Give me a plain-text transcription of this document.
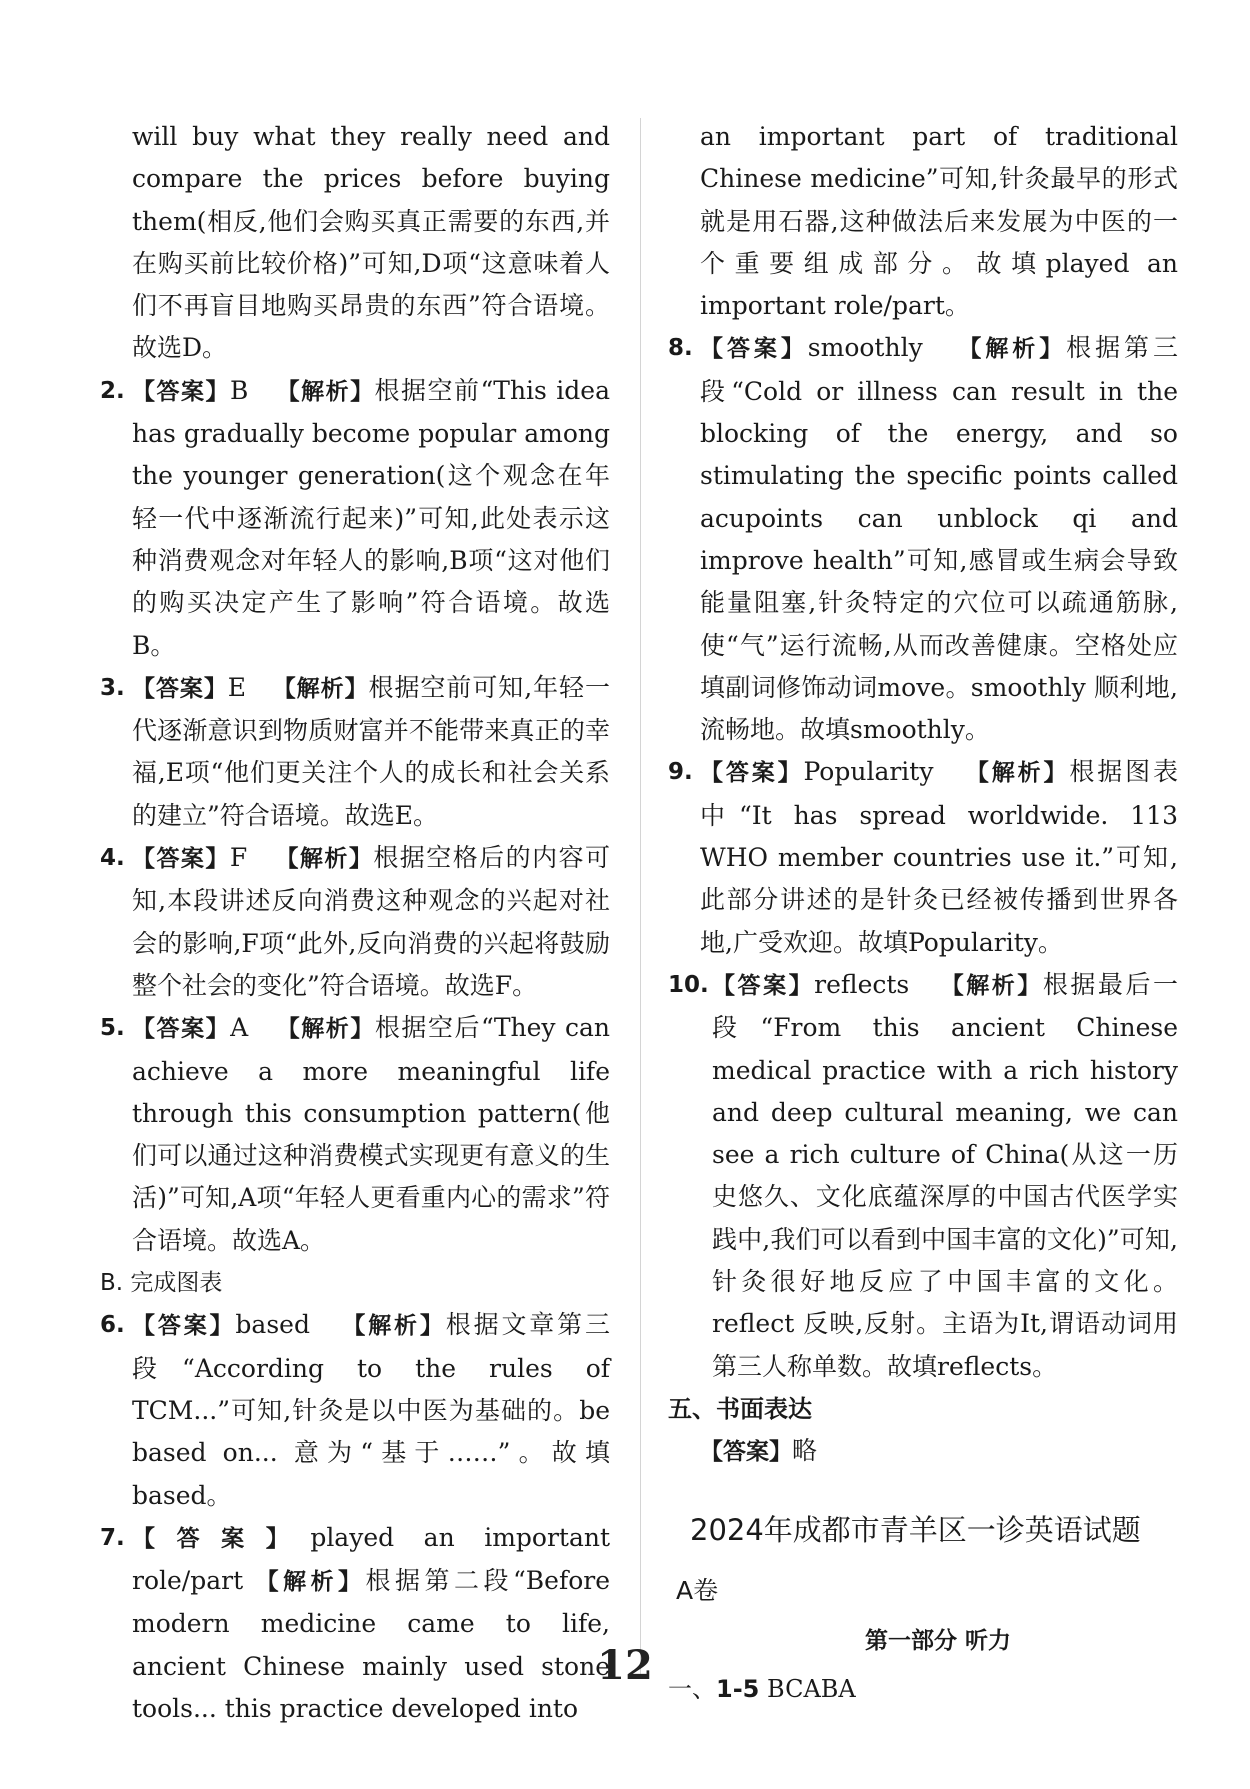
will buy what they really need and compare the prices before buying them(相反,他们会购买真正需要的东西,并在购买前比较价格)”可知,D项“这意味着人们不再盲目地购买昂贵的东西”符合语境。故选D。

2. 【答案】B 【解析】根据空前“This idea has gradually become popular among the younger generation(这个观念在年轻一代中逐渐流行起来)”可知,此处表示这种消费观念对年轻人的影响,B项“这对他们的购买决定产生了影响”符合语境。故选B。

3. 【答案】E 【解析】根据空前可知,年轻一代逐渐意识到物质财富并不能带来真正的幸福,E项“他们更关注个人的成长和社会关系的建立”符合语境。故选E。

4. 【答案】F 【解析】根据空格后的内容可知,本段讲述反向消费这种观念的兴起对社会的影响,F项“此外,反向消费的兴起将鼓励整个社会的变化”符合语境。故选F。

5. 【答案】A 【解析】根据空后“They can achieve a more meaningful life through this consumption pattern(他们可以通过这种消费模式实现更有意义的生活)”可知,A项“年轻人更看重内心的需求”符合语境。故选A。

B. 完成图表

6. 【答案】based 【解析】根据文章第三段“According to the rules of TCM...”可知,针灸是以中医为基础的。be based on... 意为“基于……”。故填based。

7. 【答案】played an important role/part 【解析】根据第二段“Before modern medicine came to life, ancient Chinese mainly used stone tools... this practice developed into

an important part of traditional Chinese medicine”可知,针灸最早的形式就是用石器,这种做法后来发展为中医的一个重要组成部分。故填played an important role/part。

8. 【答案】smoothly 【解析】根据第三段“Cold or illness can result in the blocking of the energy, and so stimulating the specific points called acupoints can unblock qi and improve health”可知,感冒或生病会导致能量阻塞,针灸特定的穴位可以疏通筋脉,使“气”运行流畅,从而改善健康。空格处应填副词修饰动词move。smoothly 顺利地,流畅地。故填smoothly。

9. 【答案】Popularity 【解析】根据图表中“It has spread worldwide. 113 WHO member countries use it.”可知,此部分讲述的是针灸已经被传播到世界各地,广受欢迎。故填Popularity。

10. 【答案】reflects 【解析】根据最后一段“From this ancient Chinese medical practice with a rich history and deep cultural meaning, we can see a rich culture of China(从这一历史悠久、文化底蕴深厚的中国古代医学实践中,我们可以看到中国丰富的文化)”可知,针灸很好地反应了中国丰富的文化。reflect 反映,反射。主语为It,谓语动词用第三人称单数。故填reflects。

五、书面表达

【答案】略

2024年成都市青羊区一诊英语试题

A卷

第一部分 听力

一、1-5 BCABA

12
